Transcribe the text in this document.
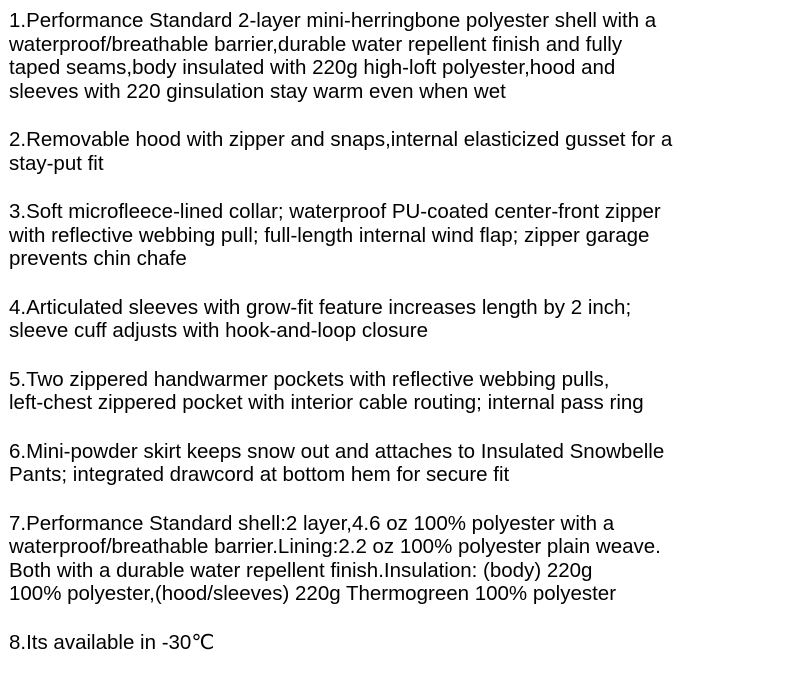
1.Performance Standard 2-layer mini-herringbone polyester shell with a
waterproof/breathable barrier,durable water repellent finish and fully
taped seams,body insulated with 220g high-loft polyester,hood and
sleeves with 220 ginsulation stay warm even when wet
2.Removable hood with zipper and snaps,internal elasticized gusset for a
stay-put fit
3.Soft microfleece-lined collar; waterproof PU-coated center-front zipper
with reflective webbing pull; full-length internal wind flap; zipper garage
prevents chin chafe
4.Articulated sleeves with grow-fit feature increases length by 2 inch;
sleeve cuff adjusts with hook-and-loop closure
5.Two zippered handwarmer pockets with reflective webbing pulls,
left-chest zippered pocket with interior cable routing; internal pass ring
6.Mini-powder skirt keeps snow out and attaches to Insulated Snowbelle
Pants; integrated drawcord at bottom hem for secure fit
7.Performance Standard shell:2 layer,4.6 oz 100% polyester with a
waterproof/breathable barrier.Lining:2.2 oz 100% polyester plain weave.
Both with a durable water repellent finish.Insulation: (body) 220g
100% polyester,(hood/sleeves) 220g Thermogreen 100% polyester
8.Its available in -30℃
